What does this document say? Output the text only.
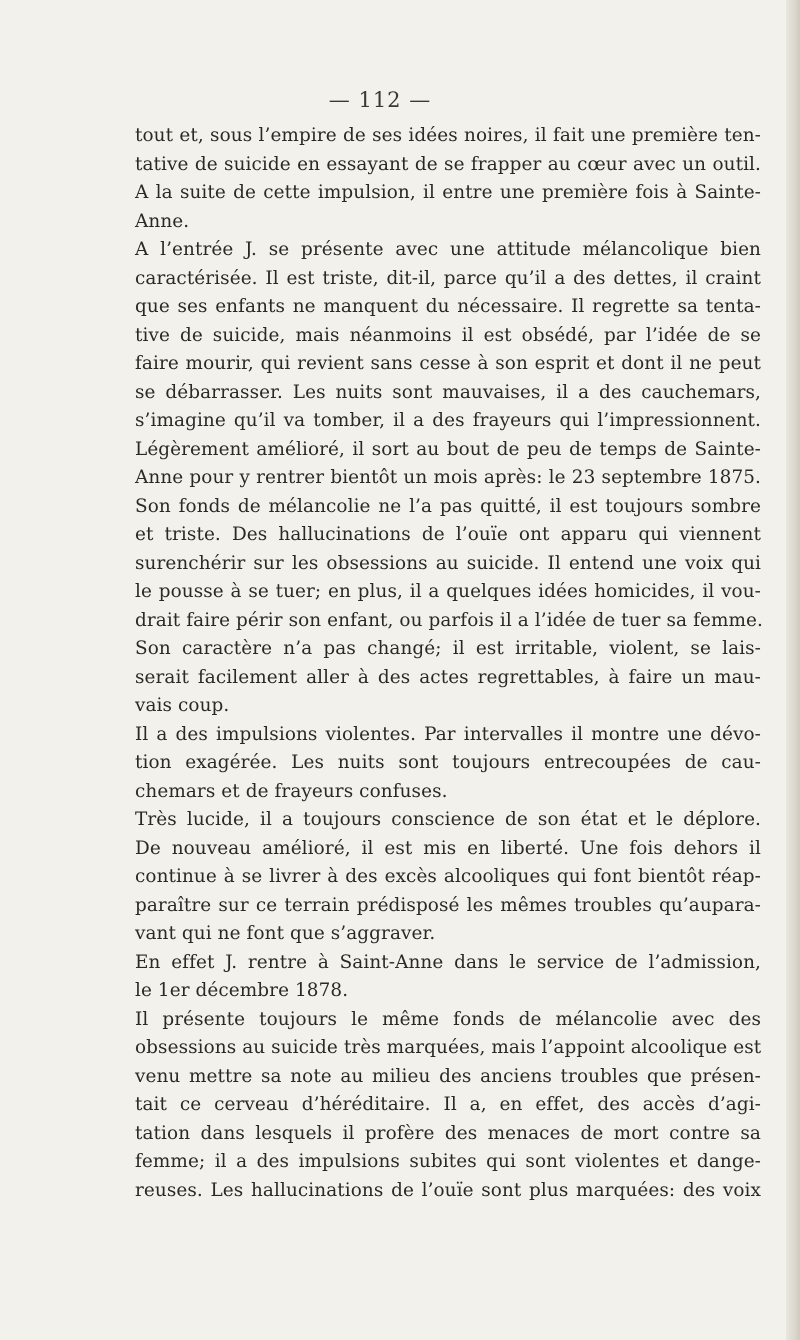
— 112 —
tout et, sous l’empire de ses idées noires, il fait une première ten-
tative de suicide en essayant de se frapper au cœur avec un outil.
A la suite de cette impulsion, il entre une première fois à Sainte-
Anne.
A l’entrée J. se présente avec une attitude mélancolique bien
caractérisée. Il est triste, dit-il, parce qu’il a des dettes, il craint
que ses enfants ne manquent du nécessaire. Il regrette sa tenta-
tive de suicide, mais néanmoins il est obsédé, par l’idée de se
faire mourir, qui revient sans cesse à son esprit et dont il ne peut
se débarrasser. Les nuits sont mauvaises, il a des cauchemars,
s’imagine qu’il va tomber, il a des frayeurs qui l’impressionnent.
Légèrement amélioré, il sort au bout de peu de temps de Sainte-
Anne pour y rentrer bientôt un mois après: le 23 septembre 1875.
Son fonds de mélancolie ne l’a pas quitté, il est toujours sombre
et triste. Des hallucinations de l’ouïe ont apparu qui viennent
surenchérir sur les obsessions au suicide. Il entend une voix qui
le pousse à se tuer; en plus, il a quelques idées homicides, il vou-
drait faire périr son enfant, ou parfois il a l’idée de tuer sa femme.
Son caractère n’a pas changé; il est irritable, violent, se lais-
serait facilement aller à des actes regrettables, à faire un mau-
vais coup.
Il a des impulsions violentes. Par intervalles il montre une dévo-
tion exagérée. Les nuits sont toujours entrecoupées de cau-
chemars et de frayeurs confuses.
Très lucide, il a toujours conscience de son état et le déplore.
De nouveau amélioré, il est mis en liberté. Une fois dehors il
continue à se livrer à des excès alcooliques qui font bientôt réap-
paraître sur ce terrain prédisposé les mêmes troubles qu’aupara-
vant qui ne font que s’aggraver.
En effet J. rentre à Saint-Anne dans le service de l’admission,
le 1er décembre 1878.
Il présente toujours le même fonds de mélancolie avec des
obsessions au suicide très marquées, mais l’appoint alcoolique est
venu mettre sa note au milieu des anciens troubles que présen-
tait ce cerveau d’héréditaire. Il a, en effet, des accès d’agi-
tation dans lesquels il profère des menaces de mort contre sa
femme; il a des impulsions subites qui sont violentes et dange-
reuses. Les hallucinations de l’ouïe sont plus marquées: des voix
